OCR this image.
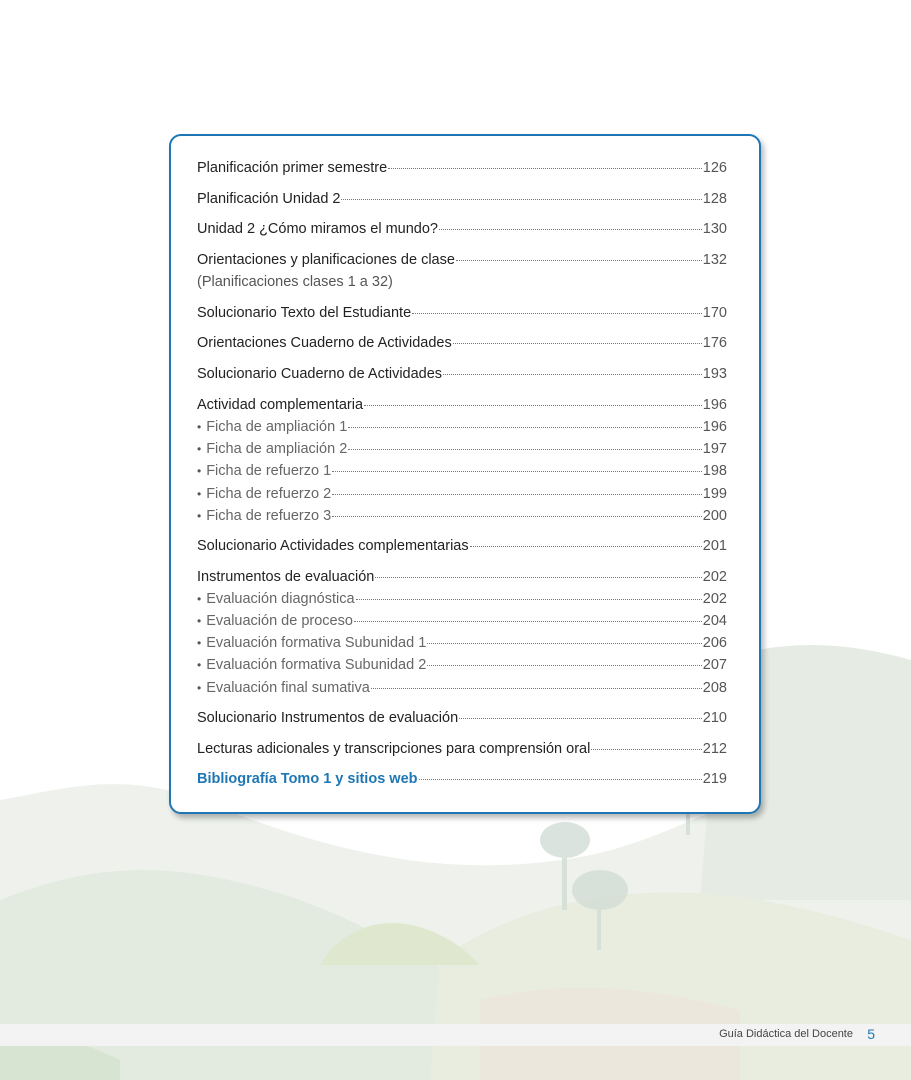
Planificación primer semestre	126
Planificación Unidad 2	128
Unidad 2 ¿Cómo miramos el mundo?	130
Orientaciones y planificaciones de clase	132
(Planificaciones clases 1 a 32)
Solucionario Texto del Estudiante	170
Orientaciones Cuaderno de Actividades	176
Solucionario Cuaderno de Actividades	193
Actividad complementaria	196
• Ficha de ampliación 1	196
• Ficha de ampliación 2	197
• Ficha de refuerzo 1	198
• Ficha de refuerzo 2	199
• Ficha de refuerzo 3	200
Solucionario Actividades complementarias	201
Instrumentos de evaluación	202
• Evaluación diagnóstica	202
• Evaluación de proceso	204
• Evaluación formativa Subunidad 1	206
• Evaluación formativa Subunidad 2	207
• Evaluación final sumativa	208
Solucionario Instrumentos de evaluación	210
Lecturas adicionales y transcripciones para comprensión oral	212
Bibliografía Tomo 1 y sitios web	219
Guía Didáctica del Docente 5
